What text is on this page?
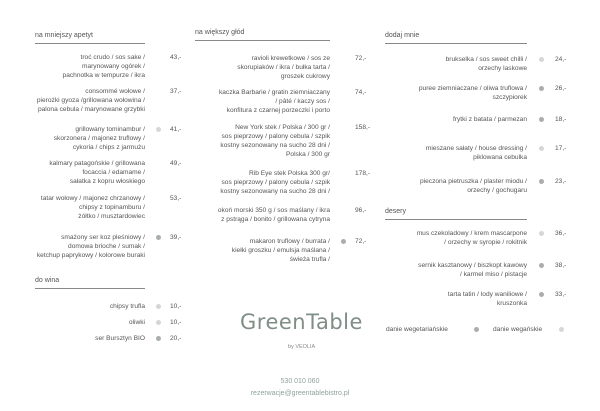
GreenTable
by VEOLIA
530 010 060
rezerwacje@greentablebistro.pl
danie wegetariańskie	danie wegańskie
na mniejszy apetyt
troć crudo / sos sake /
marynowany ogórek /
pachnotka w tempurze / ikra
43,-
consommé wołowe /
pierożki gyoza /grillowana wołowina /
palona cebula / marynowane grzybki
37,-
grillowany tominambur /
skorzonera / majonez truflowy /
cykoria / chips z jarmużu
41,-
kalmary patagońskie / grillowana
focaccia / edamame /
sałatka z kopru włoskiego
49,-
tatar wołowy / majonez chrzanowy /
chipsy z topinamburu /
żółtko / musztardowiec
53,-
smażony ser koz pleśniowy /
domowa brioche / sumak /
ketchup paprykowy / kolorowe buraki
39,-
do wina
chipsy trufla	10,-
oliwki	10,-
ser Bursztyn BIO	20,-
na większy głód
ravioli krewetkowe / sos ze
skorupiaków / ikra / bułka tarta /
groszek cukrowy
72,-
kaczka Barbarie / gratin ziemniaczany
/ pâté / kaczy sos /
konfitura z czarnej porzeczki i porto
74,-
New York stek / Polska / 300 gr /
sos pieprzowy / palony cebula / szpik
kostny sezonowany na sucho 28 dni /
Polska / 300 gr
158,-
Rib Eye stek Polska 300 gr/
sos pieprzowy / palony cebula / szpik
kostny sezonowany na sucho 28 dni /
178,-
okoń morski 350 g / sos maślany / ikra
z pstrąga / bonito / grillowana cytryna
96,-
makaron truflowy / burrata /
kiełki groszku / emulsja maślana /
świeża trufla /
72,-
dodaj mnie
brukselka / sos sweet chilli /
orzechy laskowe
24,-
puree ziemniaczane / oliwa truflowa /
szczypiorek
26,-
frytki z batata / parmezan	18,-
mieszane sałaty / house dressing /
piklowana cebulka
17,-
pieczona pietruszka / plaster miodu /
orzechy / gochugaru
23,-
desery
mus czekoladowy / krem mascarpone
/ orzechy w syropie / rokitnik
36,-
sernik kasztanowy / biszkopt kawowy
/ karmel miso / pistacje
38,-
tarta tatin / lody waniliowe /
kruszonka
33,-
